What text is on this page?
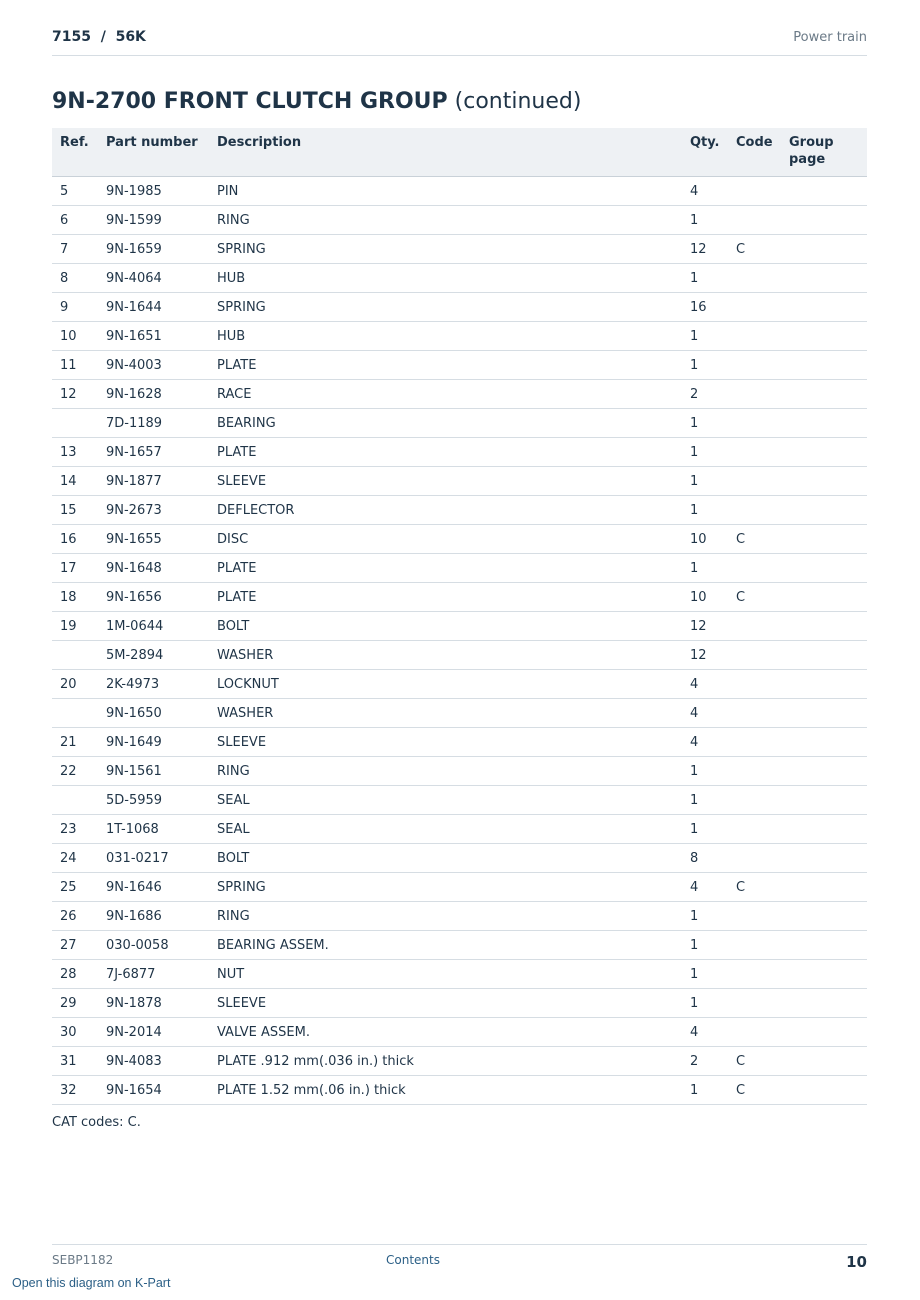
7155  /  56K	Power train
9N-2700 FRONT CLUTCH GROUP (continued)
Ref.	Part number	Description	Qty.	Code	Group page
5	9N-1985	PIN	4		
6	9N-1599	RING	1		
7	9N-1659	SPRING	12	C	
8	9N-4064	HUB	1		
9	9N-1644	SPRING	16		
10	9N-1651	HUB	1		
11	9N-4003	PLATE	1		
12	9N-1628	RACE	2		
	7D-1189	BEARING	1		
13	9N-1657	PLATE	1		
14	9N-1877	SLEEVE	1		
15	9N-2673	DEFLECTOR	1		
16	9N-1655	DISC	10	C	
17	9N-1648	PLATE	1		
18	9N-1656	PLATE	10	C	
19	1M-0644	BOLT	12		
	5M-2894	WASHER	12		
20	2K-4973	LOCKNUT	4		
	9N-1650	WASHER	4		
21	9N-1649	SLEEVE	4		
22	9N-1561	RING	1		
	5D-5959	SEAL	1		
23	1T-1068	SEAL	1		
24	031-0217	BOLT	8		
25	9N-1646	SPRING	4	C	
26	9N-1686	RING	1		
27	030-0058	BEARING ASSEM.	1		
28	7J-6877	NUT	1		
29	9N-1878	SLEEVE	1		
30	9N-2014	VALVE ASSEM.	4		
31	9N-4083	PLATE .912 mm(.036 in.) thick	2	C	
32	9N-1654	PLATE 1.52 mm(.06 in.) thick	1	C	
CAT codes: C.
SEBP1182	Contents	10
Open this diagram on K-Part
